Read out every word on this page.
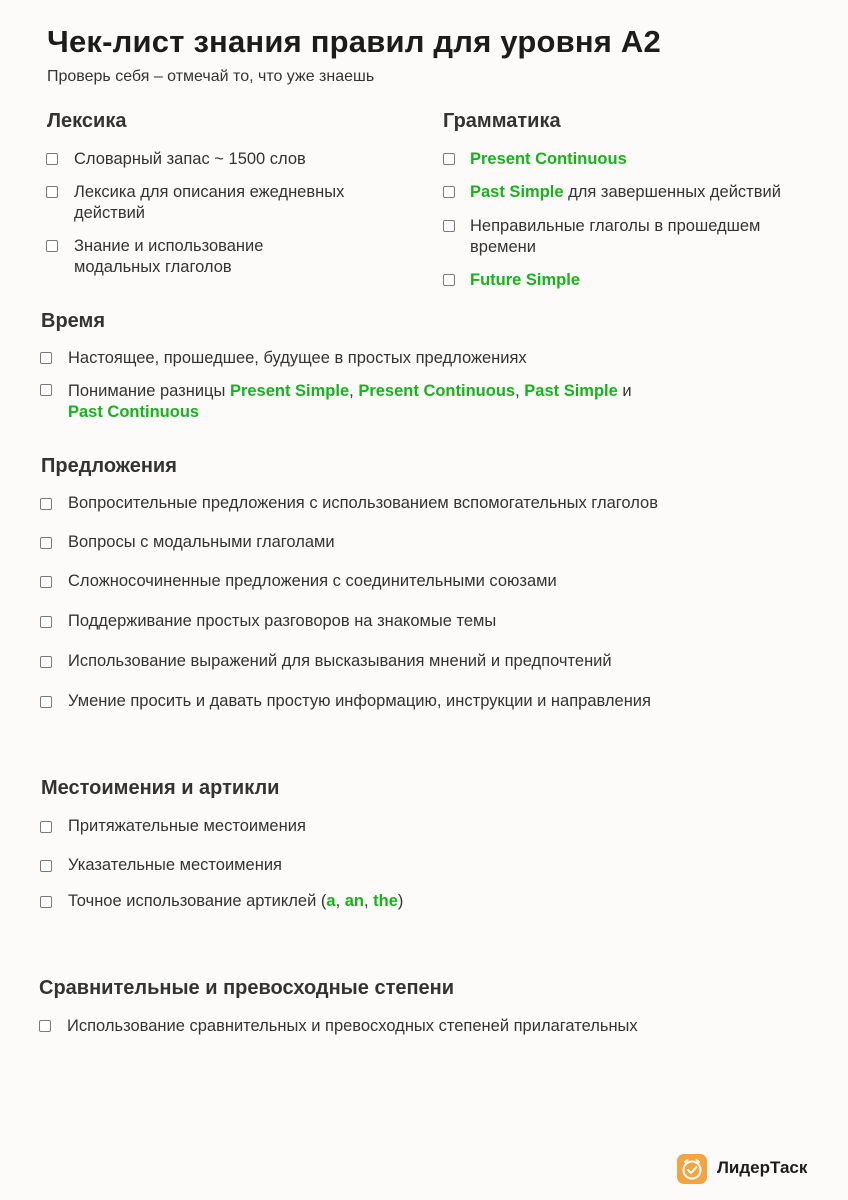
Чек-лист знания правил для уровня А2
Проверь себя – отмечай то, что уже знаешь
Лексика
Словарный запас ~ 1500 слов
Лексика для описания ежедневных действий
Знание и использование модальных глаголов
Грамматика
Present Continuous
Past Simple для завершенных действий
Неправильные глаголы в прошедшем времени
Future Simple
Время
Настоящее, прошедшее, будущее в простых предложениях
Понимание разницы Present Simple, Present Continuous, Past Simple и
Past Continuous
Предложения
Вопросительные предложения с использованием вспомогательных глаголов
Вопросы с модальными глаголами
Сложносочиненные предложения с соединительными союзами
Поддерживание простых разговоров на знакомые темы
Использование выражений для высказывания мнений и предпочтений
Умение просить и давать простую информацию, инструкции и направления
Местоимения и артикли
Притяжательные местоимения
Указательные местоимения
Точное использование артиклей (a, an, the)
Сравнительные и превосходные степени
Использование сравнительных и превосходных степеней прилагательных
ЛидерТаск
